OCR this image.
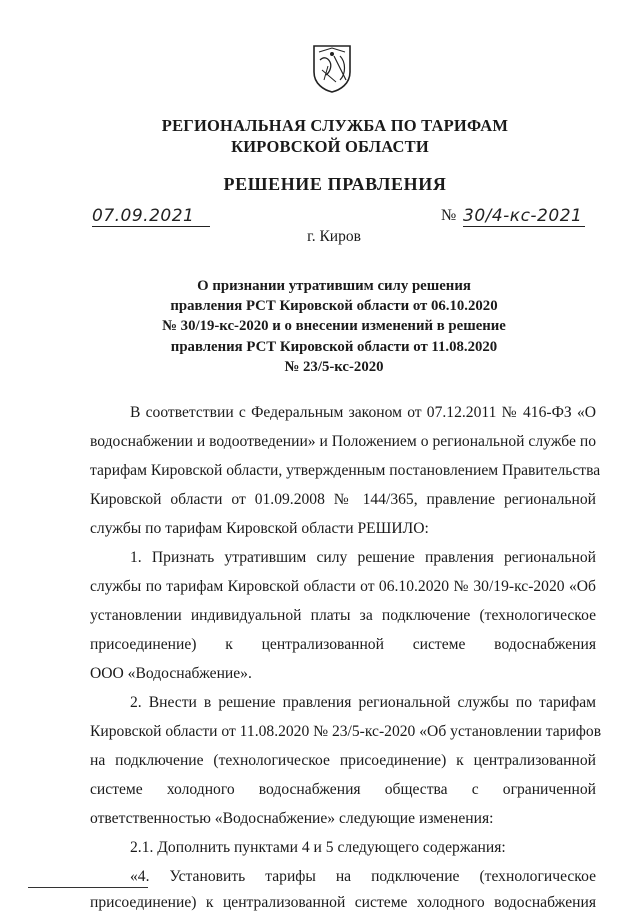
РЕГИОНАЛЬНАЯ СЛУЖБА ПО ТАРИФАМ
КИРОВСКОЙ ОБЛАСТИ
РЕШЕНИЕ ПРАВЛЕНИЯ
07.09.2021	№ 30/4-кс-2021
г. Киров
О признании утратившим силу решения
правления РСТ Кировской области от 06.10.2020
№ 30/19-кс-2020 и о внесении изменений в решение
правления РСТ Кировской области от 11.08.2020
№ 23/5-кс-2020
В соответствии с Федеральным законом от 07.12.2011 № 416-ФЗ «О
водоснабжении и водоотведении» и Положением о региональной службе по
тарифам Кировской области, утвержденным постановлением Правительства
Кировской области от 01.09.2008 № 144/365, правление региональной
службы по тарифам Кировской области РЕШИЛО:
1. Признать утратившим силу решение правления региональной
службы по тарифам Кировской области от 06.10.2020 № 30/19-кс-2020 «Об
установлении индивидуальной платы за подключение (технологическое
присоединение) к централизованной системе водоснабжения
ООО «Водоснабжение».
2. Внести в решение правления региональной службы по тарифам
Кировской области от 11.08.2020 № 23/5-кс-2020 «Об установлении тарифов
на подключение (технологическое присоединение) к централизованной
системе холодного водоснабжения общества с ограниченной
ответственностью «Водоснабжение» следующие изменения:
2.1. Дополнить пунктами 4 и 5 следующего содержания:
«4. Установить тарифы на подключение (технологическое
присоединение) к централизованной системе холодного водоснабжения
